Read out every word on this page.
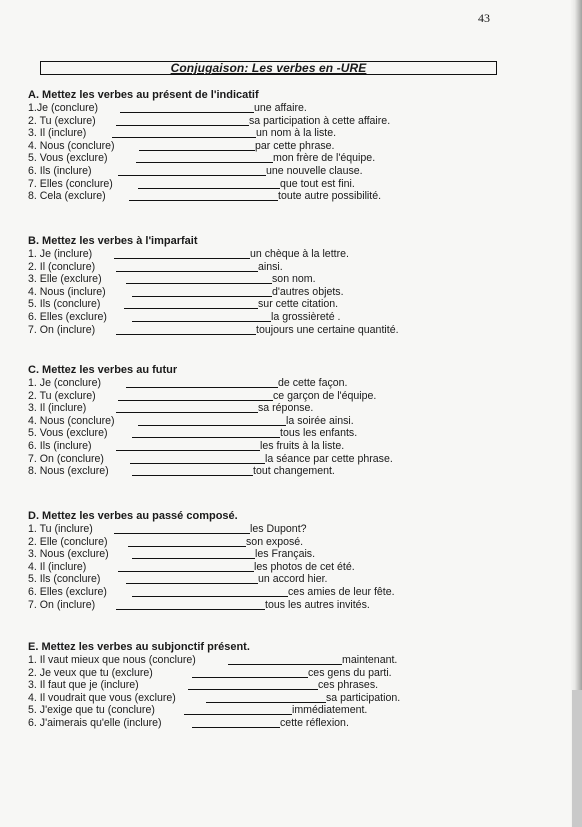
43
Conjugaison: Les verbes en -URE
A. Mettez les verbes au présent de l'indicatif
1.Je (conclure)	une affaire.
2. Tu (exclure)	sa participation à cette affaire.
3. Il (inclure)	un nom à la liste.
4. Nous (conclure)	par cette phrase.
5. Vous (exclure)	mon frère de l'équipe.
6. Ils (inclure)	une nouvelle clause.
7. Elles (conclure)	que tout est fini.
8. Cela (exclure)	toute autre possibilité.
B. Mettez les verbes à l'imparfait
1. Je (inclure)	un chèque à la lettre.
2. Il (conclure)	ainsi.
3. Elle (exclure)	son nom.
4. Nous (inclure)	d'autres objets.
5. Ils (conclure)	sur cette citation.
6. Elles (exclure)	la grossièreté .
7. On (inclure)	toujours une certaine quantité.
C. Mettez les verbes au futur
1. Je (conclure)	de cette façon.
2. Tu (exclure)	ce garçon de l'équipe.
3. Il (inclure)	sa réponse.
4. Nous (conclure)	la soirée ainsi.
5. Vous (exclure)	tous les enfants.
6. Ils (inclure)	les fruits à la liste.
7. On (conclure)	la séance par cette phrase.
8. Nous (exclure)	tout changement.
D. Mettez les verbes au passé composé.
1. Tu (inclure)	les Dupont?
2. Elle (conclure)	son exposé.
3. Nous (exclure)	les Français.
4. Il (inclure)	les photos de cet été.
5. Ils (conclure)	un accord hier.
6. Elles (exclure)	ces amies de leur fête.
7. On (inclure)	tous les autres invités.
E. Mettez les verbes au subjonctif présent.
1. Il vaut mieux que nous (conclure)	maintenant.
2. Je veux que tu (exclure)	ces gens du parti.
3. Il faut que je (inclure)	ces phrases.
4. Il voudrait que vous (exclure)	sa participation.
5. J'exige que tu (conclure)	immédiatement.
6. J'aimerais qu'elle (inclure)	cette réflexion.
